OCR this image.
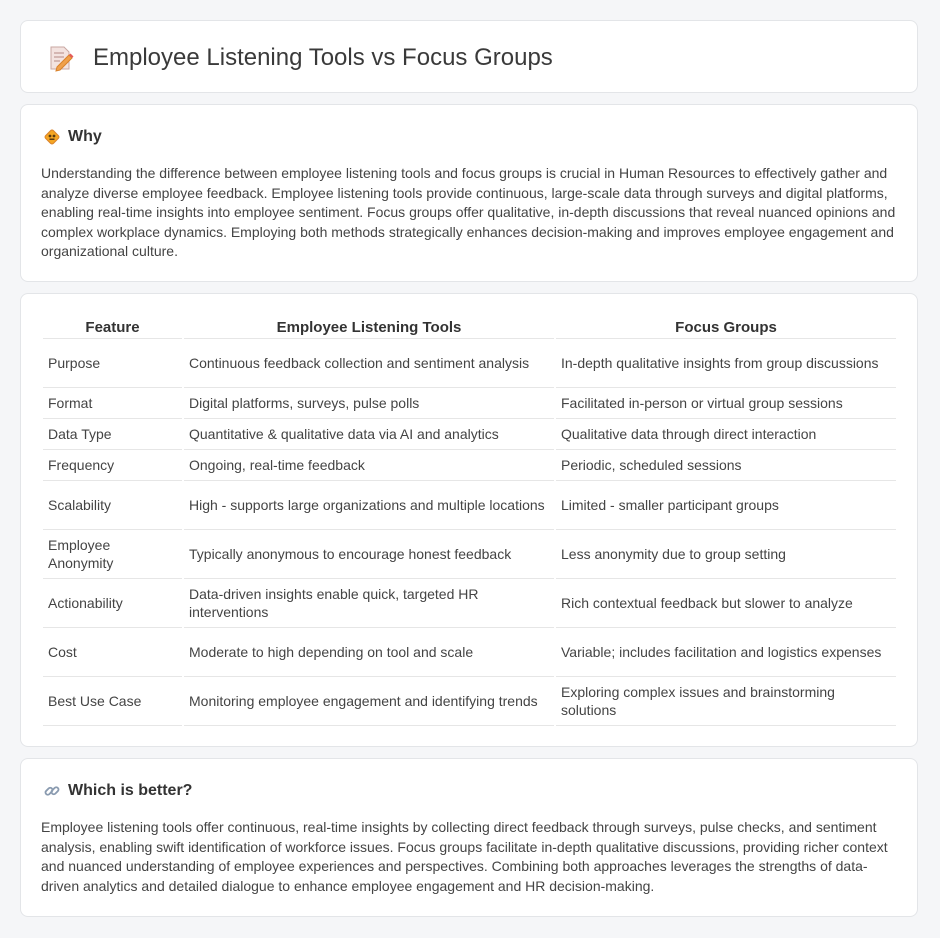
Employee Listening Tools vs Focus Groups
Why

Understanding the difference between employee listening tools and focus groups is crucial in Human Resources to effectively gather and analyze diverse employee feedback. Employee listening tools provide continuous, large-scale data through surveys and digital platforms, enabling real-time insights into employee sentiment. Focus groups offer qualitative, in-depth discussions that reveal nuanced opinions and complex workplace dynamics. Employing both methods strategically enhances decision-making and improves employee engagement and organizational culture.

Feature	Employee Listening Tools	Focus Groups
Purpose	Continuous feedback collection and sentiment analysis	In-depth qualitative insights from group discussions
Format	Digital platforms, surveys, pulse polls	Facilitated in-person or virtual group sessions
Data Type	Quantitative & qualitative data via AI and analytics	Qualitative data through direct interaction
Frequency	Ongoing, real-time feedback	Periodic, scheduled sessions
Scalability	High - supports large organizations and multiple locations	Limited - smaller participant groups
Employee Anonymity	Typically anonymous to encourage honest feedback	Less anonymity due to group setting
Actionability	Data-driven insights enable quick, targeted HR interventions	Rich contextual feedback but slower to analyze
Cost	Moderate to high depending on tool and scale	Variable; includes facilitation and logistics expenses
Best Use Case	Monitoring employee engagement and identifying trends	Exploring complex issues and brainstorming solutions
Which is better?

Employee listening tools offer continuous, real-time insights by collecting direct feedback through surveys, pulse checks, and sentiment analysis, enabling swift identification of workforce issues. Focus groups facilitate in-depth qualitative discussions, providing richer context and nuanced understanding of employee experiences and perspectives. Combining both approaches leverages the strengths of data-driven analytics and detailed dialogue to enhance employee engagement and HR decision-making.
